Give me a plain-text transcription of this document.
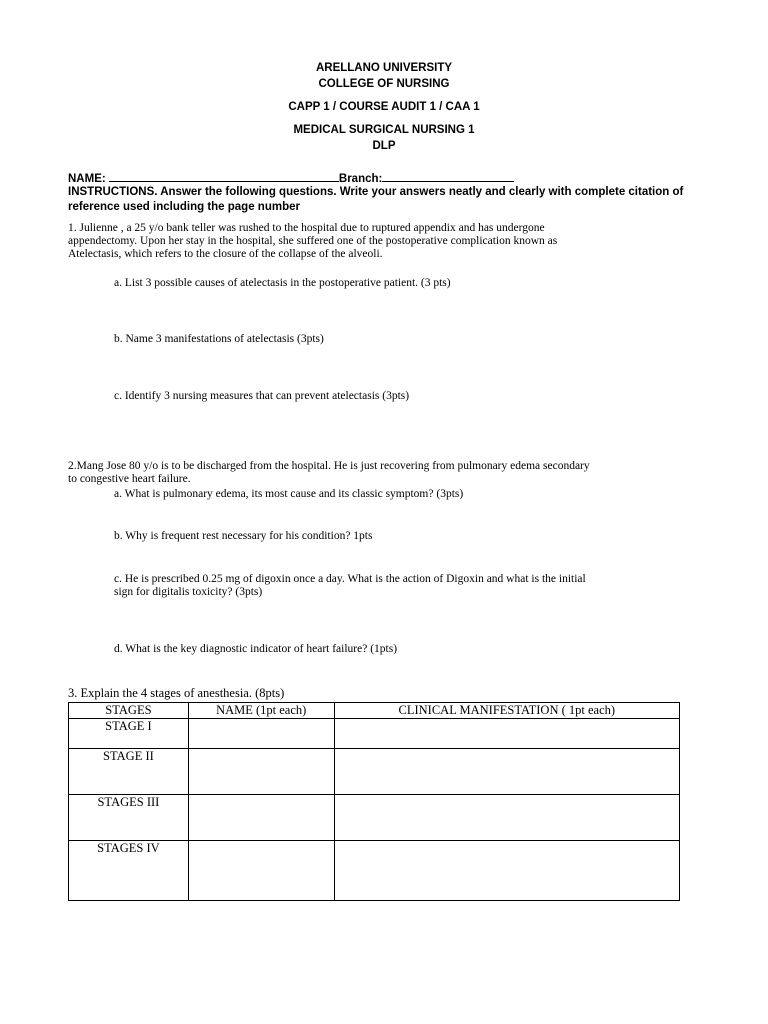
ARELLANO UNIVERSITY
COLLEGE OF NURSING
CAPP 1 / COURSE AUDIT 1 / CAA 1
MEDICAL SURGICAL NURSING 1
DLP
NAME:	Branch:
INSTRUCTIONS. Answer the following questions. Write your answers neatly and clearly with complete citation of reference used including the page number
1. Julienne , a 25 y/o bank teller was rushed to the hospital due to ruptured appendix and has undergone
appendectomy. Upon her stay in the hospital, she suffered one of the postoperative complication known as
Atelectasis, which refers to the closure of the collapse of the alveoli.
a. List 3 possible causes of atelectasis in the postoperative patient. (3 pts)
b. Name 3 manifestations of atelectasis (3pts)
c. Identify 3 nursing measures that can prevent atelectasis (3pts)
2.Mang Jose 80 y/o is to be discharged from the hospital. He is just recovering from pulmonary edema secondary
to congestive heart failure.
a. What is pulmonary edema, its most cause and its classic symptom? (3pts)
b. Why is frequent rest necessary for his condition? 1pts
c. He is prescribed 0.25 mg of digoxin once a day. What is the action of Digoxin and what is the initial
sign for digitalis toxicity? (3pts)
d. What is the key diagnostic indicator of heart failure? (1pts)
3. Explain the 4 stages of anesthesia. (8pts)
STAGES	NAME (1pt each)	CLINICAL MANIFESTATION ( 1pt each)
STAGE I		
STAGE II		
STAGES III		
STAGES IV		
